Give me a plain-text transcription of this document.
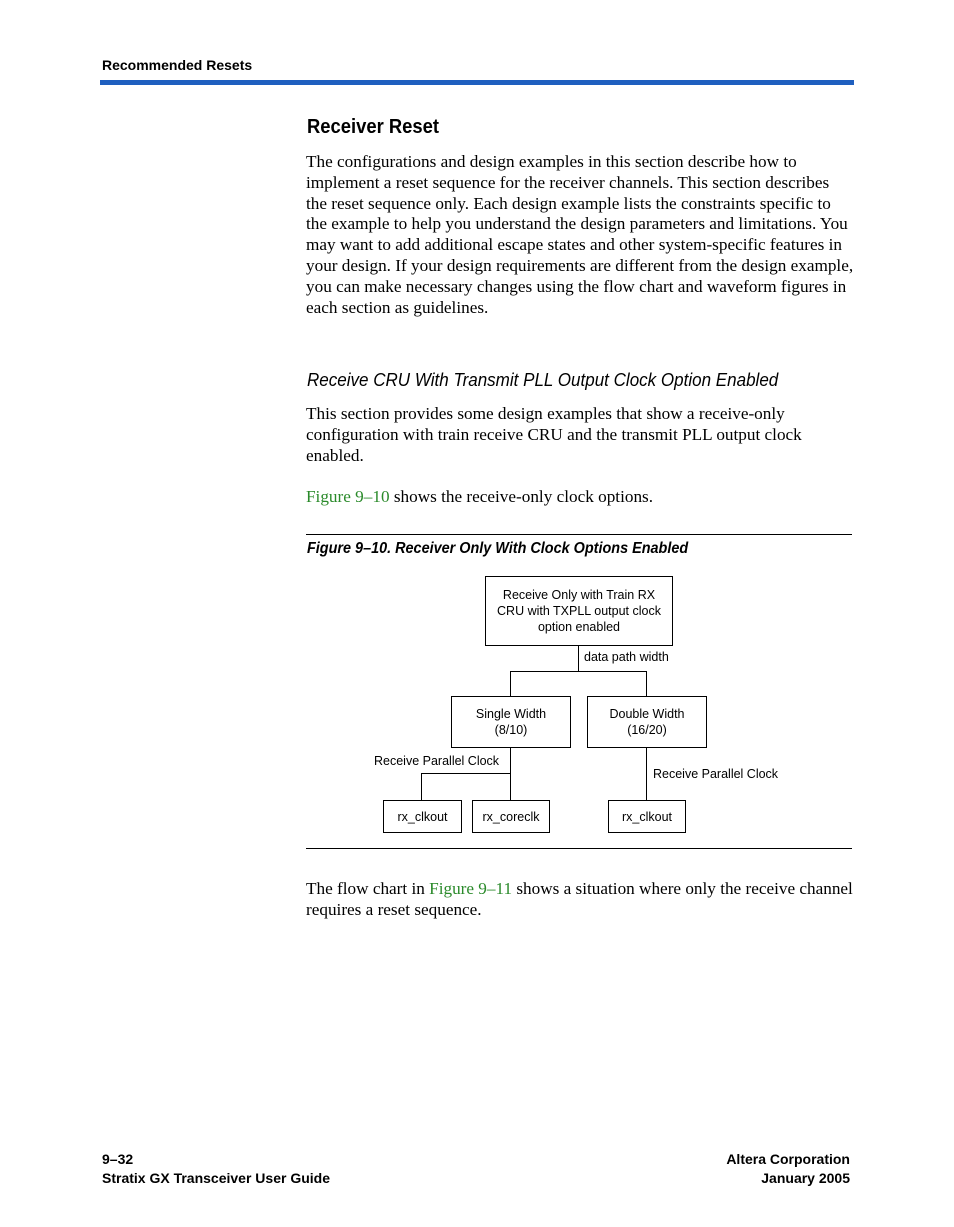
Recommended Resets
Receiver Reset

The configurations and design examples in this section describe how to implement a reset sequence for the receiver channels. This section describes the reset sequence only. Each design example lists the constraints specific to the example to help you understand the design parameters and limitations. You may want to add additional escape states and other system-specific features in your design. If your design requirements are different from the design example, you can make necessary changes using the flow chart and waveform figures in each section as guidelines.

Receive CRU With Transmit PLL Output Clock Option Enabled

This section provides some design examples that show a receive-only configuration with train receive CRU and the transmit PLL output clock enabled.

Figure 9–10 shows the receive-only clock options.

Figure 9–10. Receiver Only With Clock Options Enabled
Receive Only with Train RX CRU with TXPLL output clock option enabled
data path width
Single Width
(8/10)
Double Width
(16/20)
Receive Parallel Clock
Receive Parallel Clock
rx_clkout	rx_coreclk	rx_clkout

The flow chart in Figure 9–11 shows a situation where only the receive channel requires a reset sequence.

9–32
Stratix GX Transceiver User Guide
Altera Corporation
January 2005
